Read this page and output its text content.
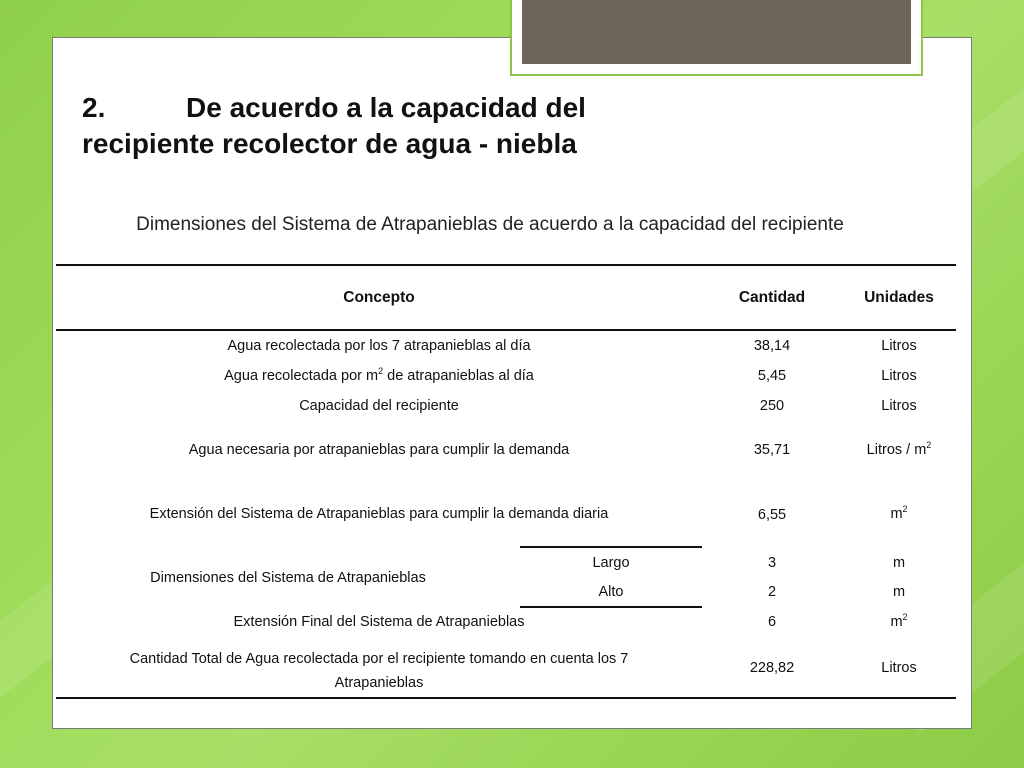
2.	De acuerdo a la capacidad del
recipiente recolector de agua - niebla
Dimensiones del Sistema de Atrapanieblas de acuerdo a la capacidad del recipiente
Concepto	Cantidad	Unidades
Agua recolectada por los 7 atrapanieblas al día	38,14	Litros
Agua recolectada por $m^2$ de atrapanieblas al día	5,45	Litros
Capacidad del recipiente	250	Litros
Agua necesaria por atrapanieblas para cumplir la demanda	35,71	Litros / $m^2$
Extensión del Sistema de Atrapanieblas para cumplir la demanda diaria	6,55	$m^2$
Dimensiones del Sistema de Atrapanieblas
Largo	3	m
Alto	2	m
Extensión Final del Sistema de Atrapanieblas	6	$m^2$
Cantidad Total de Agua recolectada por el recipiente tomando en cuenta los 7
Atrapanieblas
228,82	Litros
